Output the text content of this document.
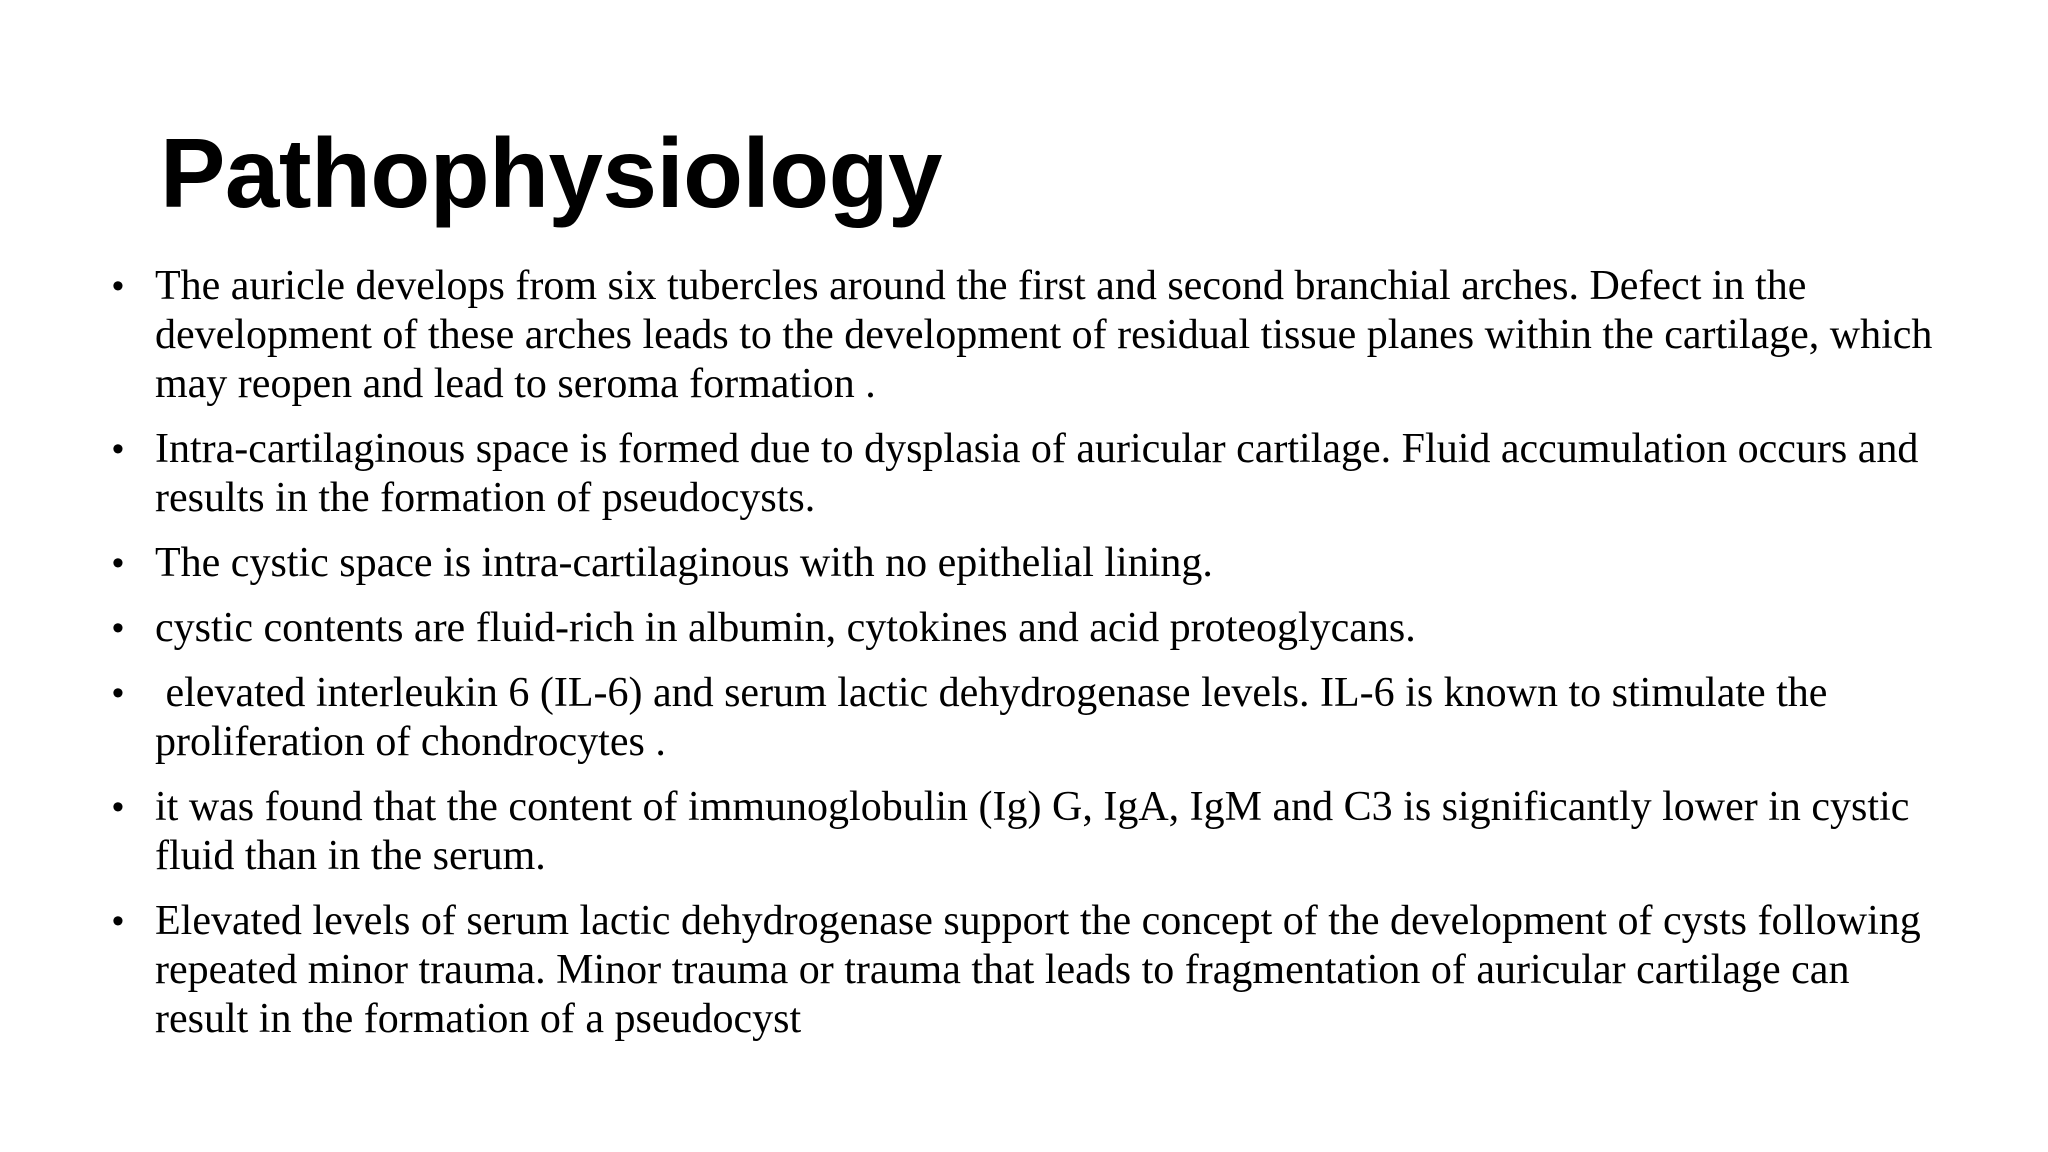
Pathophysiology
• The auricle develops from six tubercles around the first and second branchial arches. Defect in the development of these arches leads to the development of residual tissue planes within the cartilage, which may reopen and lead to seroma formation .
• Intra-cartilaginous space is formed due to dysplasia of auricular cartilage. Fluid accumulation occurs and results in the formation of pseudocysts.
• The cystic space is intra-cartilaginous with no epithelial lining.
• cystic contents are fluid-rich in albumin, cytokines and acid proteoglycans.
• elevated interleukin 6 (IL-6) and serum lactic dehydrogenase levels. IL-6 is known to stimulate the proliferation of chondrocytes .
• it was found that the content of immunoglobulin (Ig) G, IgA, IgM and C3 is significantly lower in cystic fluid than in the serum.
• Elevated levels of serum lactic dehydrogenase support the concept of the development of cysts following repeated minor trauma. Minor trauma or trauma that leads to fragmentation of auricular cartilage can result in the formation of a pseudocyst
